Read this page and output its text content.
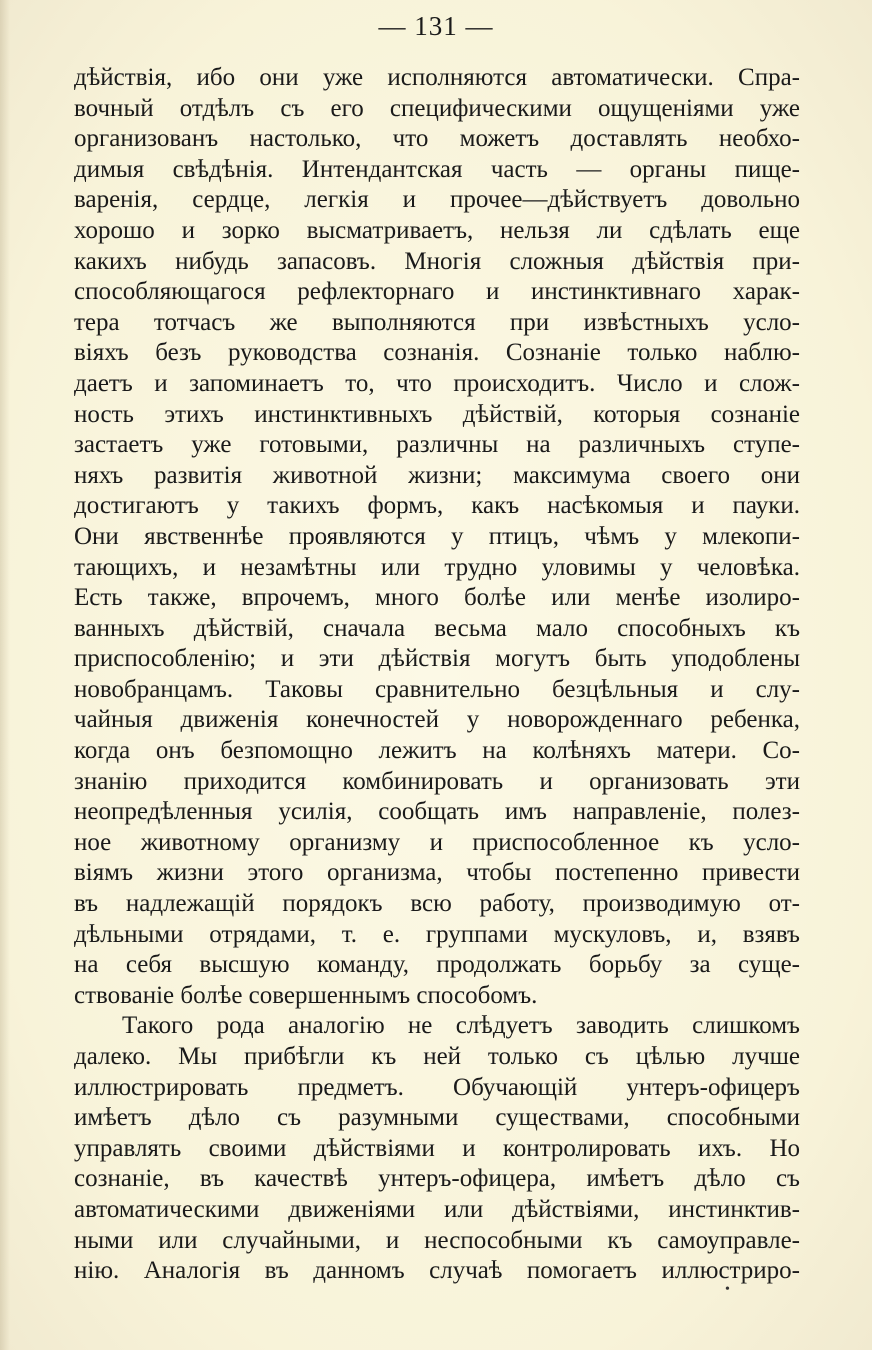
— 131 —
дѣйствія, ибо они уже исполняются автоматически. Спра-
вочный отдѣлъ съ его специфическими ощущеніями уже
организованъ настолько, что можетъ доставлять необхо-
димыя свѣдѣнія. Интендантская часть — органы пище-
варенія, сердце, легкія и прочее—дѣйствуетъ довольно
хорошо и зорко высматриваетъ, нельзя ли сдѣлать еще
какихъ нибудь запасовъ. Многія сложныя дѣйствія при-
способляющагося рефлекторнаго и инстинктивнаго харак-
тера тотчасъ же выполняются при извѣстныхъ усло-
віяхъ безъ руководства сознанія. Сознаніе только наблю-
даетъ и запоминаетъ то, что происходитъ. Число и слож-
ность этихъ инстинктивныхъ дѣйствій, которыя сознаніе
застаетъ уже готовыми, различны на различныхъ ступе-
няхъ развитія животной жизни; максимума своего они
достигаютъ у такихъ формъ, какъ насѣкомыя и пауки.
Они явственнѣе проявляются у птицъ, чѣмъ у млекопи-
тающихъ, и незамѣтны или трудно уловимы у человѣка.
Есть также, впрочемъ, много болѣе или менѣе изолиро-
ванныхъ дѣйствій, сначала весьма мало способныхъ къ
приспособленію; и эти дѣйствія могутъ быть уподоблены
новобранцамъ. Таковы сравнительно безцѣльныя и слу-
чайныя движенія конечностей у новорожденнаго ребенка,
когда онъ безпомощно лежитъ на колѣняхъ матери. Со-
знанію приходится комбинировать и организовать эти
неопредѣленныя усилія, сообщать имъ направленіе, полез-
ное животному организму и приспособленное къ усло-
віямъ жизни этого организма, чтобы постепенно привести
въ надлежащій порядокъ всю работу, производимую от-
дѣльными отрядами, т. е. группами мускуловъ, и, взявъ
на себя высшую команду, продолжать борьбу за суще-
ствованіе болѣе совершеннымъ способомъ.
Такого рода аналогію не слѣдуетъ заводить слишкомъ
далеко. Мы прибѣгли къ ней только съ цѣлью лучше
иллюстрировать предметъ. Обучающій унтеръ-офицеръ
имѣетъ дѣло съ разумными существами, способными
управлять своими дѣйствіями и контролировать ихъ. Но
сознаніе, въ качествѣ унтеръ-офицера, имѣетъ дѣло съ
автоматическими движеніями или дѣйствіями, инстинктив-
ными или случайными, и неспособными къ самоуправле-
нію. Аналогія въ данномъ случаѣ помогаетъ иллюстриро-
•
